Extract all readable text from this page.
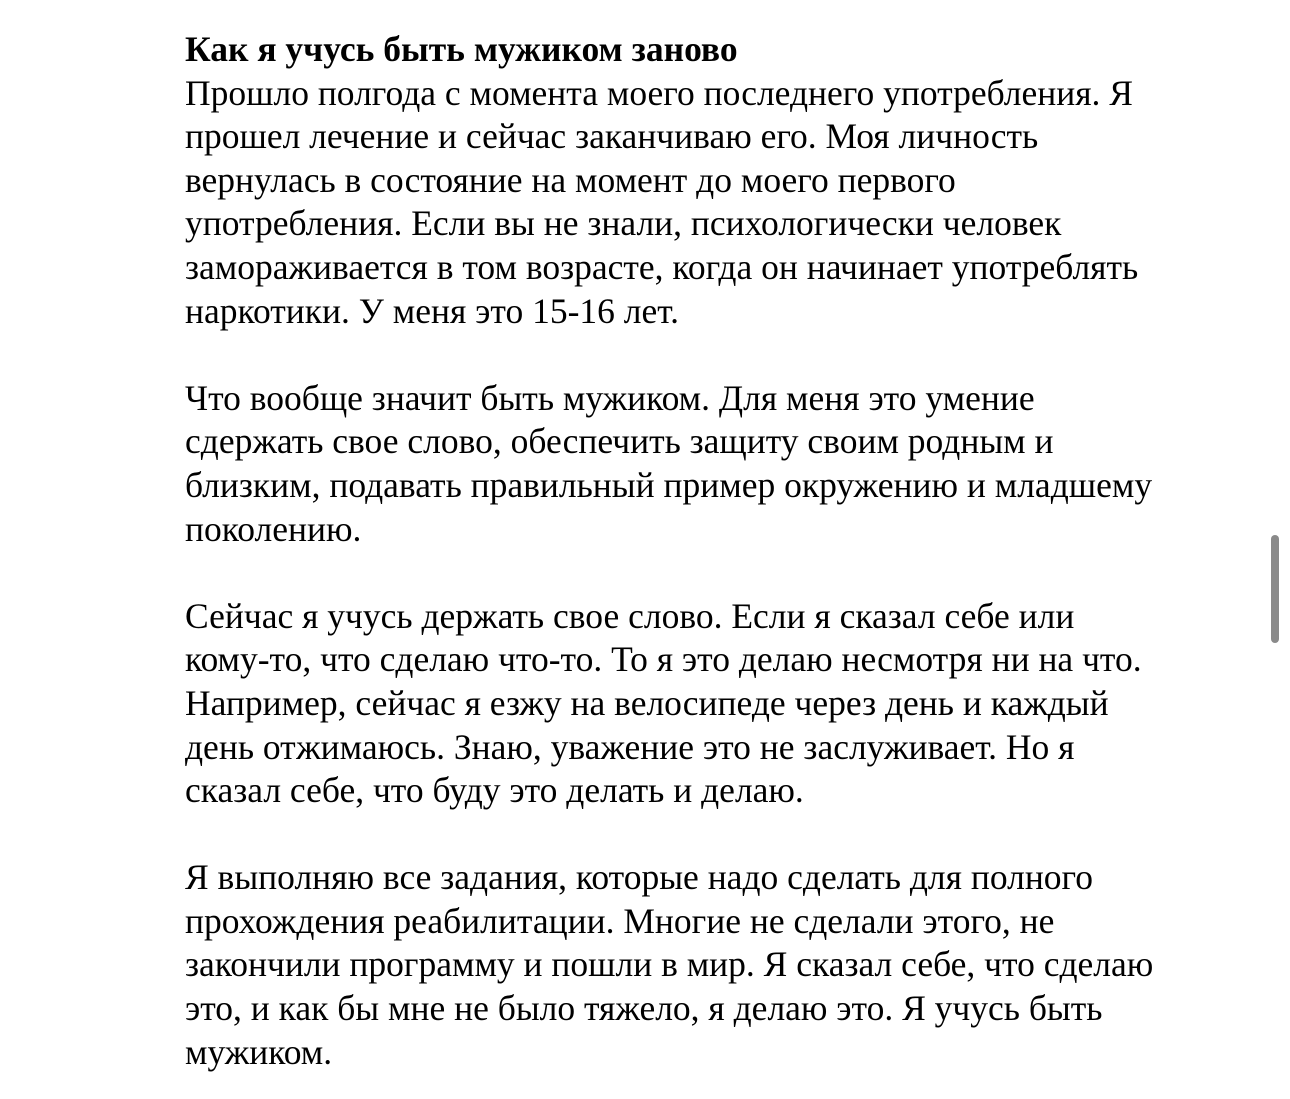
Как я учусь быть мужиком заново

Прошло полгода с момента моего последнего употребления. Я
прошел лечение и сейчас заканчиваю его. Моя личность
вернулась в состояние на момент до моего первого
употребления. Если вы не знали, психологически человек
замораживается в том возрасте, когда он начинает употреблять
наркотики. У меня это 15-16 лет.

Что вообще значит быть мужиком. Для меня это умение
сдержать свое слово, обеспечить защиту своим родным и
близким, подавать правильный пример окружению и младшему
поколению.

Сейчас я учусь держать свое слово. Если я сказал себе или
кому-то, что сделаю что-то. То я это делаю несмотря ни на что.
Например, сейчас я езжу на велосипеде через день и каждый
день отжимаюсь. Знаю, уважение это не заслуживает. Но я
сказал себе, что буду это делать и делаю.

Я выполняю все задания, которые надо сделать для полного
прохождения реабилитации. Многие не сделали этого, не
закончили программу и пошли в мир. Я сказал себе, что сделаю
это, и как бы мне не было тяжело, я делаю это. Я учусь быть
мужиком.
